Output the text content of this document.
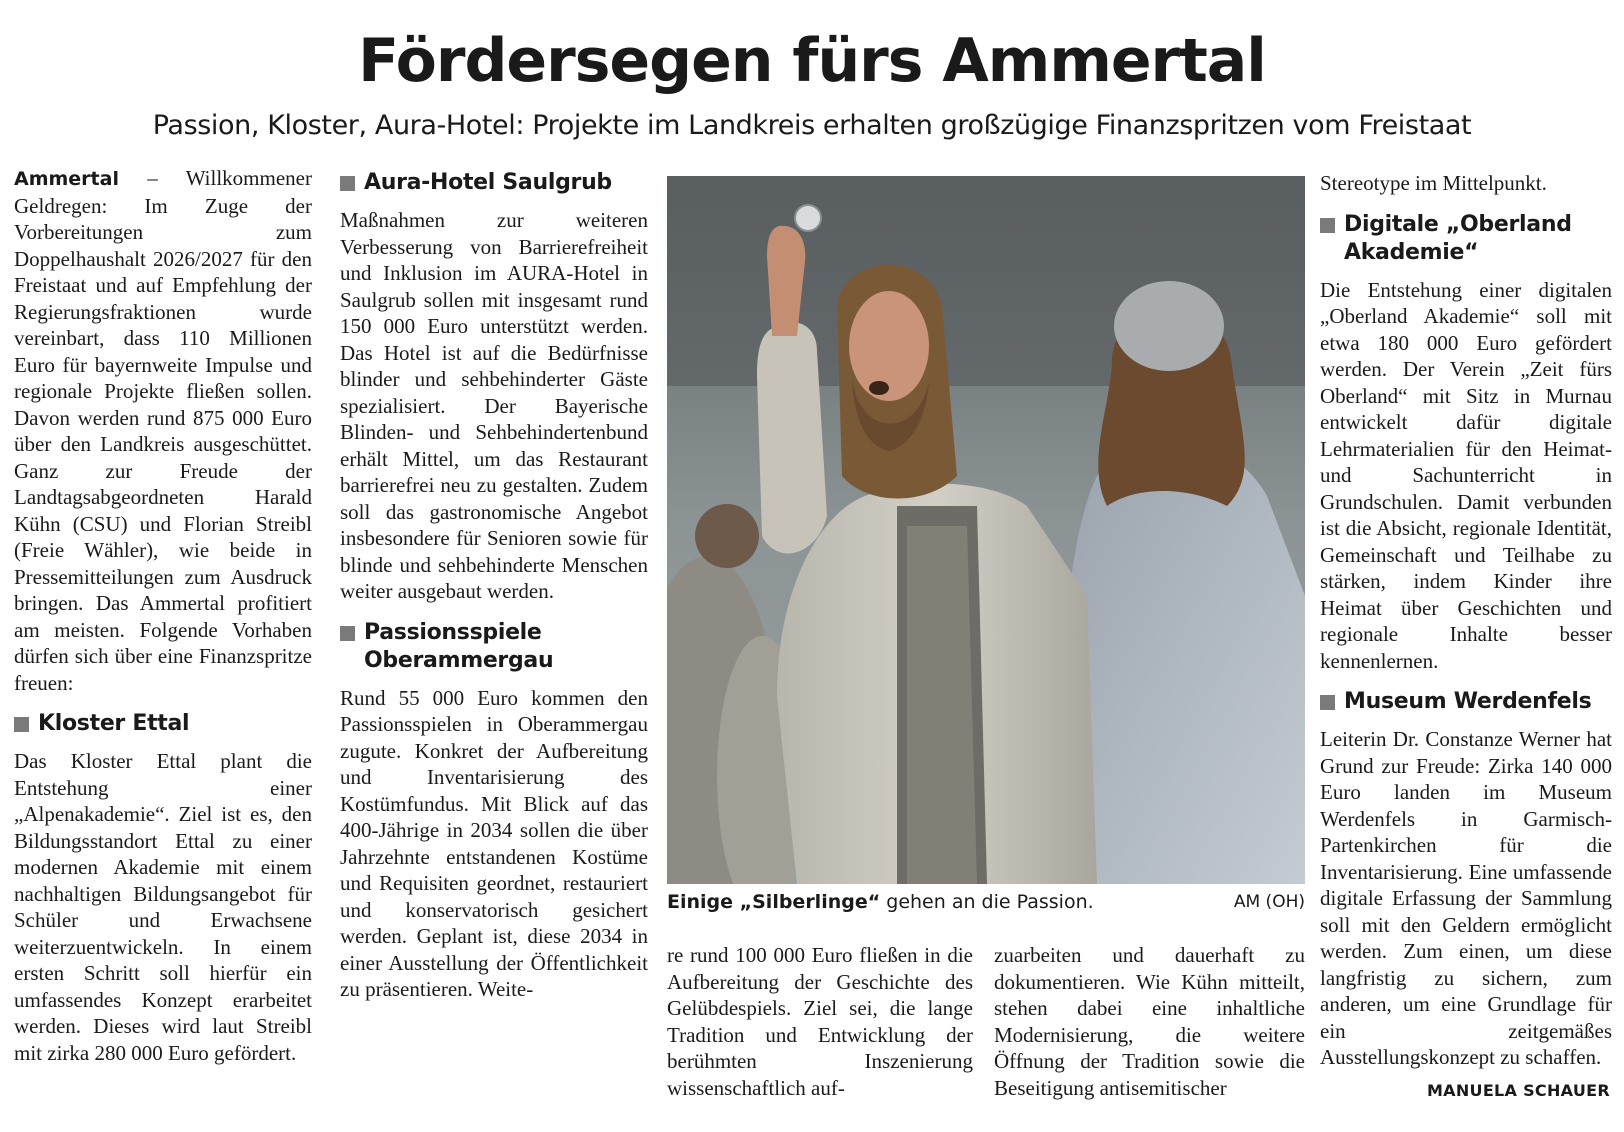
Fördersegen fürs Ammertal
Passion, Kloster, Aura-Hotel: Projekte im Landkreis erhalten großzügige Finanzspritzen vom Freistaat

Ammertal – Willkommener Geldregen: Im Zuge der Vorbereitungen zum Doppelhaushalt 2026/2027 für den Freistaat und auf Empfehlung der Regierungsfraktionen wurde vereinbart, dass 110 Millionen Euro für bayernweite Impulse und regionale Projekte fließen sollen. Davon werden rund 875 000 Euro über den Landkreis ausgeschüttet. Ganz zur Freude der Landtagsabgeordneten Harald Kühn (CSU) und Florian Streibl (Freie Wähler), wie beide in Pressemitteilungen zum Ausdruck bringen. Das Ammertal profitiert am meisten. Folgende Vorhaben dürfen sich über eine Finanzspritze freuen:

Kloster Ettal

Das Kloster Ettal plant die Entstehung einer „Alpenakademie“. Ziel ist es, den Bildungsstandort Ettal zu einer modernen Akademie mit einem nachhaltigen Bildungsangebot für Schüler und Erwachsene weiterzuentwickeln. In einem ersten Schritt soll hierfür ein umfassendes Konzept erarbeitet werden. Dieses wird laut Streibl mit zirka 280 000 Euro gefördert.

Aura-Hotel Saulgrub

Maßnahmen zur weiteren Verbesserung von Barrierefreiheit und Inklusion im AURA-Hotel in Saulgrub sollen mit insgesamt rund 150 000 Euro unterstützt werden. Das Hotel ist auf die Bedürfnisse blinder und sehbehinderter Gäste spezialisiert. Der Bayerische Blinden- und Sehbehindertenbund erhält Mittel, um das Restaurant barrierefrei neu zu gestalten. Zudem soll das gastronomische Angebot insbesondere für Senioren sowie für blinde und sehbehinderte Menschen weiter ausgebaut werden.

Passionsspiele
Oberammergau

Rund 55 000 Euro kommen den Passionsspielen in Oberammergau zugute. Konkret der Aufbereitung und Inventarisierung des Kostümfundus. Mit Blick auf das 400-Jährige in 2034 sollen die über Jahrzehnte entstandenen Kostüme und Requisiten geordnet, restauriert und konservatorisch gesichert werden. Geplant ist, diese 2034 in einer Ausstellung der Öffentlichkeit zu präsentieren. Weite-

Einige „Silberlinge“ gehen an die Passion.	AM (OH)

re rund 100 000 Euro fließen in die Aufbereitung der Geschichte des Gelübdespiels. Ziel sei, die lange Tradition und Entwicklung der berühmten Inszenierung wissenschaftlich auf-

zuarbeiten und dauerhaft zu dokumentieren. Wie Kühn mitteilt, stehen dabei eine inhaltliche Modernisierung, die weitere Öffnung der Tradition sowie die Beseitigung antisemitischer

Stereotype im Mittelpunkt.

Digitale „Oberland
Akademie“

Die Entstehung einer digitalen „Oberland Akademie“ soll mit etwa 180 000 Euro gefördert werden. Der Verein „Zeit fürs Oberland“ mit Sitz in Murnau entwickelt dafür digitale Lehrmaterialien für den Heimat- und Sachunterricht in Grundschulen. Damit verbunden ist die Absicht, regionale Identität, Gemeinschaft und Teilhabe zu stärken, indem Kinder ihre Heimat über Geschichten und regionale Inhalte besser kennenlernen.

Museum Werdenfels

Leiterin Dr. Constanze Werner hat Grund zur Freude: Zirka 140 000 Euro landen im Museum Werdenfels in Garmisch-Partenkirchen für die Inventarisierung. Eine umfassende digitale Erfassung der Sammlung soll mit den Geldern ermöglicht werden. Zum einen, um diese langfristig zu sichern, zum anderen, um eine Grundlage für ein zeitgemäßes Ausstellungskonzept zu schaffen.

MANUELA SCHAUER
